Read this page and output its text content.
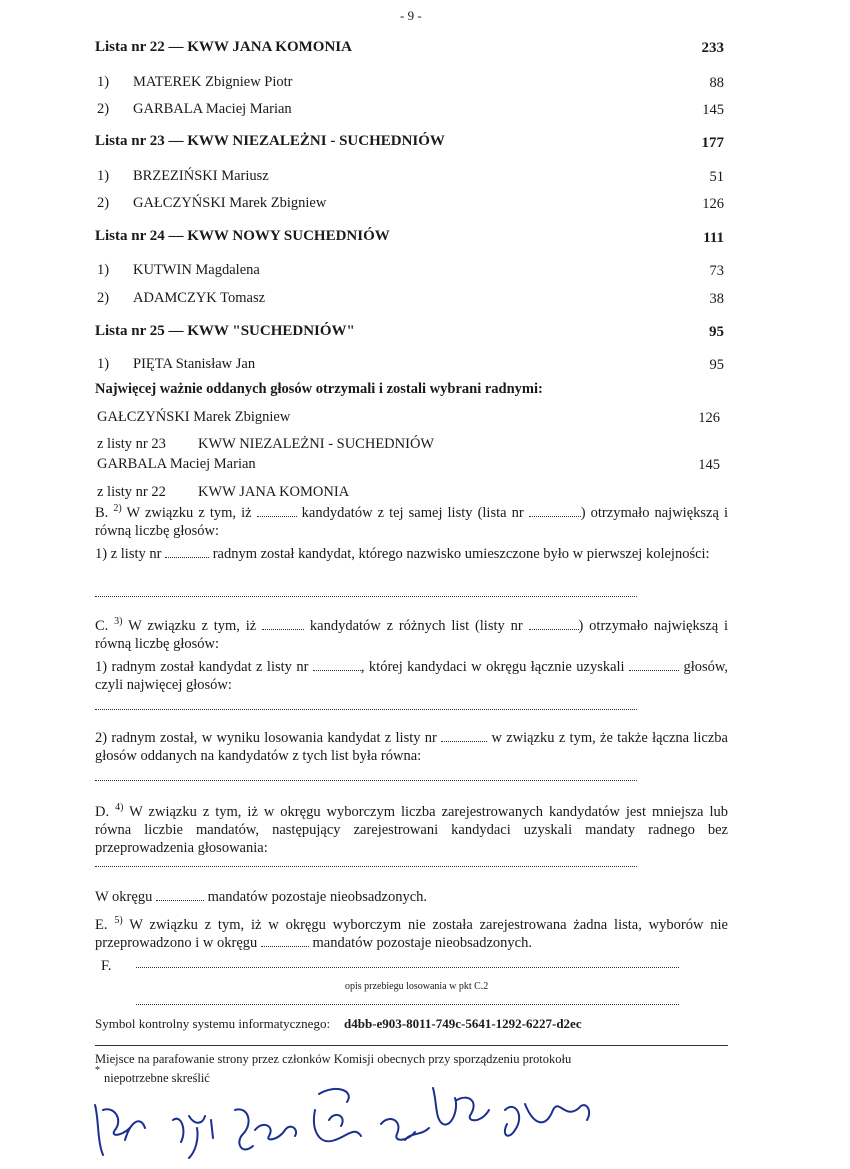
- 9 -
Lista nr 22 — KWW JANA KOMONIA	233
1) MATEREK Zbigniew Piotr	88
2) GARBALA Maciej Marian	145
Lista nr 23 — KWW NIEZALEŻNI - SUCHEDNIÓW	177
1) BRZEZIŃSKI Mariusz	51
2) GAŁCZYŃSKI Marek Zbigniew	126
Lista nr 24 — KWW NOWY SUCHEDNIÓW	111
1) KUTWIN Magdalena	73
2) ADAMCZYK Tomasz	38
Lista nr 25 — KWW "SUCHEDNIÓW"	95
1) PIĘTA Stanisław Jan	95
Najwięcej ważnie oddanych głosów otrzymali i zostali wybrani radnymi:
GAŁCZYŃSKI Marek Zbigniew	126
z listy nr 23 KWW NIEZALEŻNI - SUCHEDNIÓW
GARBALA Maciej Marian	145
z listy nr 22 KWW JANA KOMONIA
B. $^{2)}$ W związku z tym, iż	kandydatów z tej samej listy (lista nr	) otrzymało największą i równą liczbę głosów:
1) z listy nr	radnym został kandydat, którego nazwisko umieszczone było w pierwszej kolejności:
C. $^{3)}$ W związku z tym, iż	kandydatów z różnych list (listy nr	) otrzymało największą i równą liczbę głosów:
1) radnym został kandydat z listy nr	, której kandydaci w okręgu łącznie uzyskali	głosów, czyli najwięcej głosów:
2) radnym został, w wyniku losowania kandydat z listy nr	w związku z tym, że także łączna liczba głosów oddanych na kandydatów z tych list była równa:
D. $^{4)}$ W związku z tym, iż w okręgu wyborczym liczba zarejestrowanych kandydatów jest mniejsza lub równa liczbie mandatów, następujący zarejestrowani kandydaci uzyskali mandaty radnego bez przeprowadzenia głosowania:
W okręgu	mandatów pozostaje nieobsadzonych.
E. $^{5)}$ W związku z tym, iż w okręgu wyborczym nie została zarejestrowana żadna lista, wyborów nie przeprowadzono i w okręgu	mandatów pozostaje nieobsadzonych.
F.
opis przebiegu losowania w pkt C.2
Symbol kontrolny systemu informatycznego: d4bb-e903-8011-749c-5641-1292-6227-d2ec
Miejsce na parafowanie strony przez członków Komisji obecnych przy sporządzeniu protokołu
*
niepotrzebne skreślić
